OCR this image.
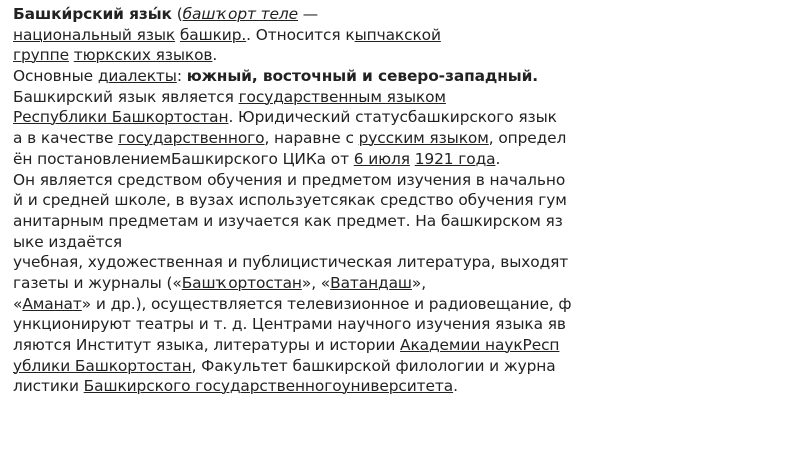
Башки́рский язы́к (башҡорт теле —
национальный язык башкир.. Относится кыпчакской
группе тюркских языков.
Основные диалекты: южный, восточный и северо-западный.
Башкирский язык является государственным языком
Республики Башкортостан. Юридический статусбашкирского язык
а в качестве государственного, наравне с русским языком, определ
ён постановлениемБашкирского ЦИКа от 6 июля 1921 года.
Он является средством обучения и предметом изучения в начально
й и средней школе, в вузах используетсякак средство обучения гум
анитарным предметам и изучается как предмет. На башкирском яз
ыке издаётся
учебная, художественная и публицистическая литература, выходят
газеты и журналы («Башҡортостан», «Ватандаш»,
«Аманат» и др.), осуществляется телевизионное и радиовещание, ф
ункционируют театры и т. д. Центрами научного изучения языка яв
ляются Институт языка, литературы и истории Академии наукРесп
ублики Башкортостан, Факультет башкирской филологии и журна
листики Башкирского государственногоуниверситета.
